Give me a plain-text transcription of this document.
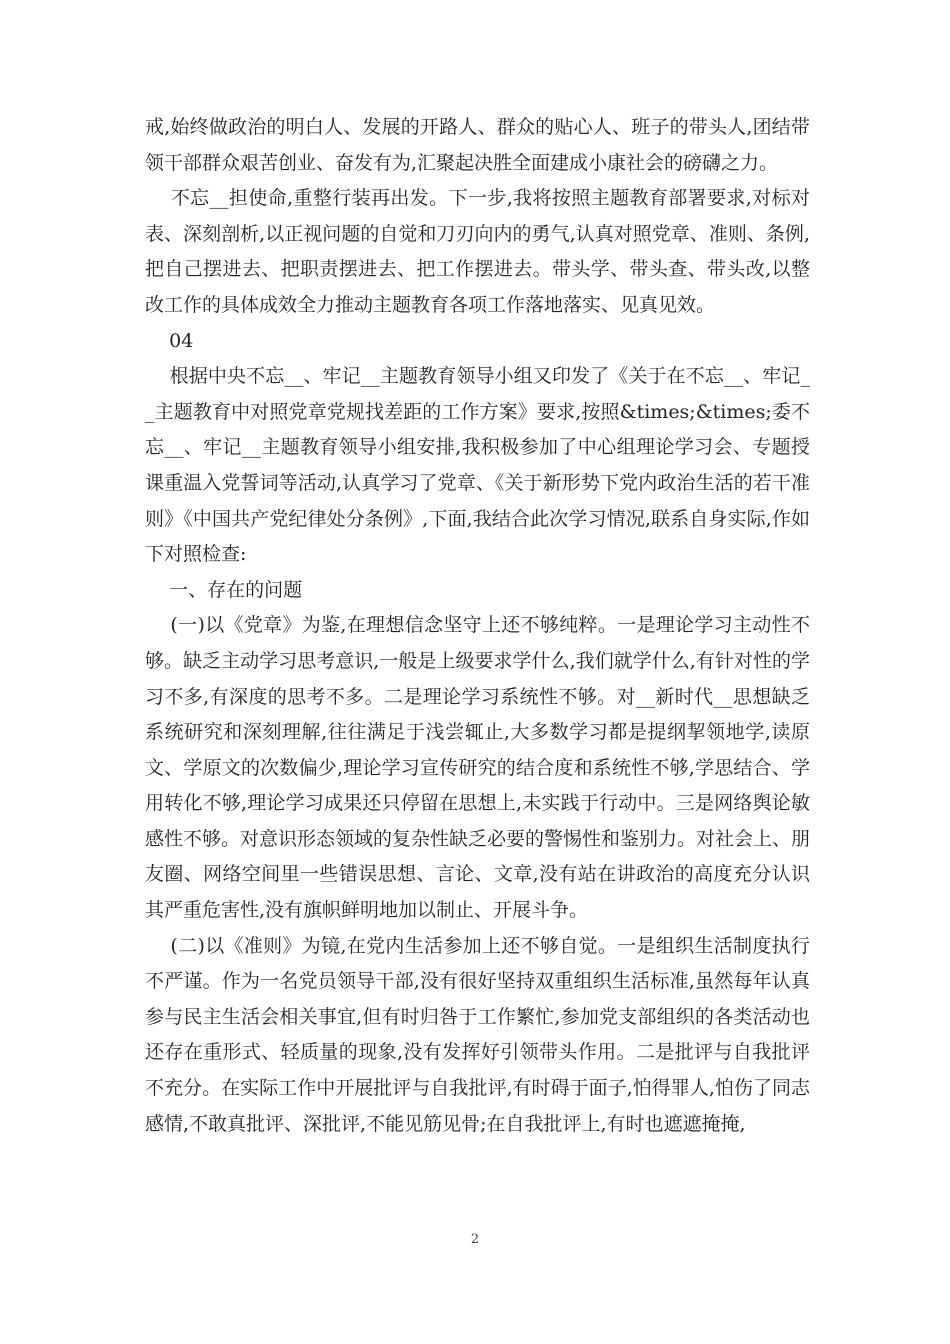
戒,始终做政治的明白人、发展的开路人、群众的贴心人、班子的带头人,团结带领干部群众艰苦创业、奋发有为,汇聚起决胜全面建成小康社会的磅礴之力。

不忘__担使命,重整行装再出发。下一步,我将按照主题教育部署要求,对标对表、深刻剖析,以正视问题的自觉和刀刃向内的勇气,认真对照党章、准则、条例,把自己摆进去、把职责摆进去、把工作摆进去。带头学、带头查、带头改,以整改工作的具体成效全力推动主题教育各项工作落地落实、见真见效。

04

根据中央不忘__、牢记__主题教育领导小组又印发了《关于在不忘__、牢记__主题教育中对照党章党规找差距的工作方案》要求,按照&times;&times;委不忘__、牢记__主题教育领导小组安排,我积极参加了中心组理论学习会、专题授课重温入党誓词等活动,认真学习了党章、《关于新形势下党内政治生活的若干准则》《中国共产党纪律处分条例》,下面,我结合此次学习情况,联系自身实际,作如下对照检查:

一、存在的问题

(一)以《党章》为鉴,在理想信念坚守上还不够纯粹。一是理论学习主动性不够。缺乏主动学习思考意识,一般是上级要求学什么,我们就学什么,有针对性的学习不多,有深度的思考不多。二是理论学习系统性不够。对__新时代__思想缺乏系统研究和深刻理解,往往满足于浅尝辄止,大多数学习都是提纲挈领地学,读原文、学原文的次数偏少,理论学习宣传研究的结合度和系统性不够,学思结合、学用转化不够,理论学习成果还只停留在思想上,未实践于行动中。三是网络舆论敏感性不够。对意识形态领域的复杂性缺乏必要的警惕性和鉴别力。对社会上、朋友圈、网络空间里一些错误思想、言论、文章,没有站在讲政治的高度充分认识其严重危害性,没有旗帜鲜明地加以制止、开展斗争。

(二)以《准则》为镜,在党内生活参加上还不够自觉。一是组织生活制度执行不严谨。作为一名党员领导干部,没有很好坚持双重组织生活标准,虽然每年认真参与民主生活会相关事宜,但有时归咎于工作繁忙,参加党支部组织的各类活动也还存在重形式、轻质量的现象,没有发挥好引领带头作用。二是批评与自我批评不充分。在实际工作中开展批评与自我批评,有时碍于面子,怕得罪人,怕伤了同志感情,不敢真批评、深批评,不能见筋见骨;在自我批评上,有时也遮遮掩掩,

2
